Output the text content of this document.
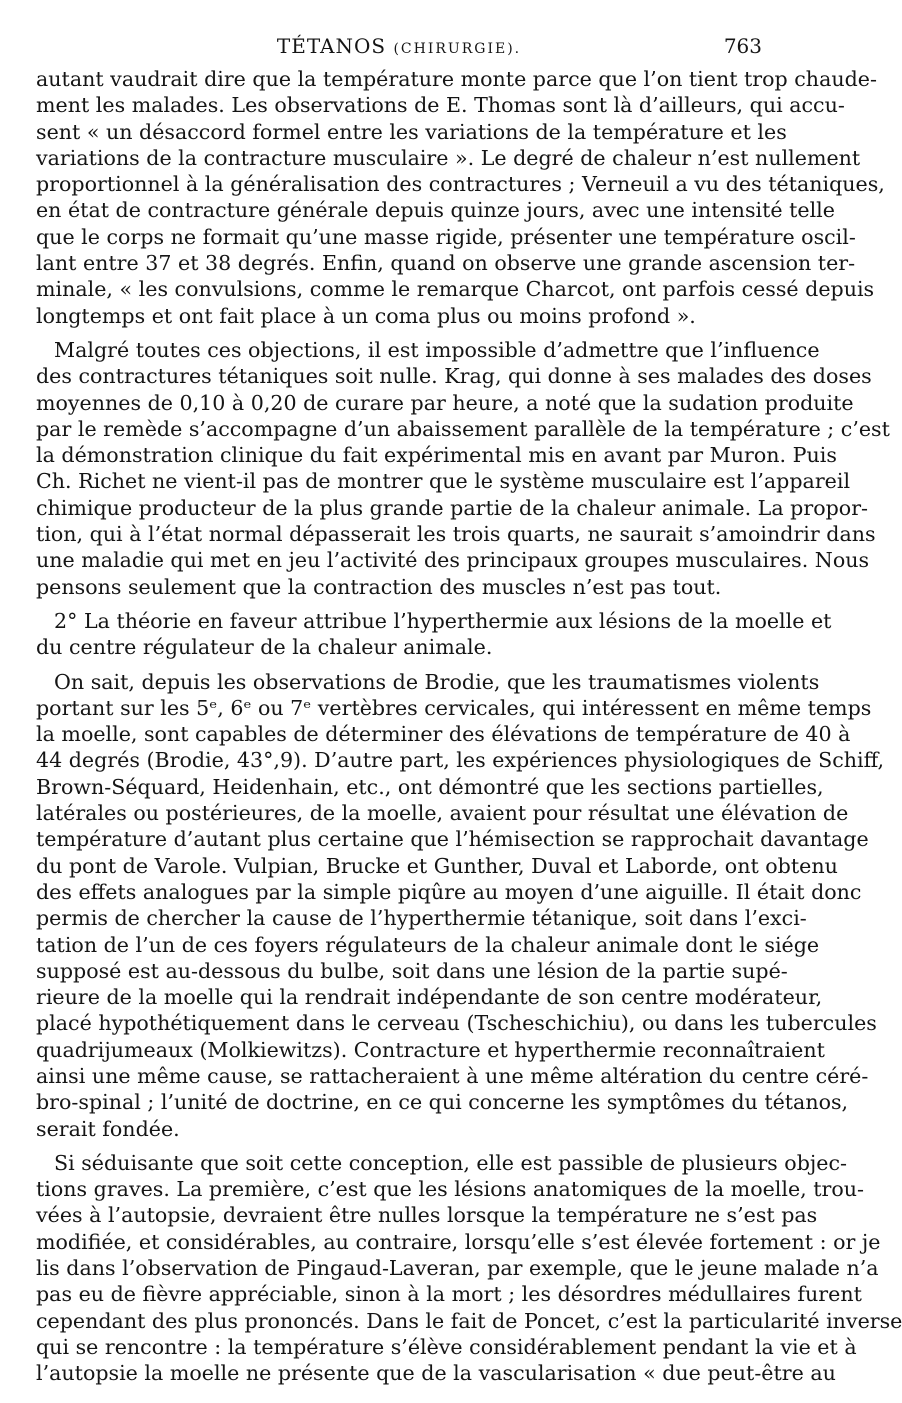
TÉTANOS (CHIRURGIE).	763
autant vaudrait dire que la température monte parce que l’on tient trop chaude-
ment les malades. Les observations de E. Thomas sont là d’ailleurs, qui accu-
sent « un désaccord formel entre les variations de la température et les
variations de la contracture musculaire ». Le degré de chaleur n’est nullement
proportionnel à la généralisation des contractures ; Verneuil a vu des tétaniques,
en état de contracture générale depuis quinze jours, avec une intensité telle
que le corps ne formait qu’une masse rigide, présenter une température oscil-
lant entre 37 et 38 degrés. Enfin, quand on observe une grande ascension ter-
minale, « les convulsions, comme le remarque Charcot, ont parfois cessé depuis
longtemps et ont fait place à un coma plus ou moins profond ».
Malgré toutes ces objections, il est impossible d’admettre que l’influence
des contractures tétaniques soit nulle. Krag, qui donne à ses malades des doses
moyennes de 0,10 à 0,20 de curare par heure, a noté que la sudation produite
par le remède s’accompagne d’un abaissement parallèle de la température ; c’est
la démonstration clinique du fait expérimental mis en avant par Muron. Puis
Ch. Richet ne vient-il pas de montrer que le système musculaire est l’appareil
chimique producteur de la plus grande partie de la chaleur animale. La propor-
tion, qui à l’état normal dépasserait les trois quarts, ne saurait s’amoindrir dans
une maladie qui met en jeu l’activité des principaux groupes musculaires. Nous
pensons seulement que la contraction des muscles n’est pas tout.
2° La théorie en faveur attribue l’hyperthermie aux lésions de la moelle et
du centre régulateur de la chaleur animale.
On sait, depuis les observations de Brodie, que les traumatismes violents
portant sur les 5ᵉ, 6ᵉ ou 7ᵉ vertèbres cervicales, qui intéressent en même temps
la moelle, sont capables de déterminer des élévations de température de 40 à
44 degrés (Brodie, 43°,9). D’autre part, les expériences physiologiques de Schiff,
Brown-Séquard, Heidenhain, etc., ont démontré que les sections partielles,
latérales ou postérieures, de la moelle, avaient pour résultat une élévation de
température d’autant plus certaine que l’hémisection se rapprochait davantage
du pont de Varole. Vulpian, Brucke et Gunther, Duval et Laborde, ont obtenu
des effets analogues par la simple piqûre au moyen d’une aiguille. Il était donc
permis de chercher la cause de l’hyperthermie tétanique, soit dans l’exci-
tation de l’un de ces foyers régulateurs de la chaleur animale dont le siége
supposé est au-dessous du bulbe, soit dans une lésion de la partie supé-
rieure de la moelle qui la rendrait indépendante de son centre modérateur,
placé hypothétiquement dans le cerveau (Tscheschichiu), ou dans les tubercules
quadrijumeaux (Molkiewitzs). Contracture et hyperthermie reconnaîtraient
ainsi une même cause, se rattacheraient à une même altération du centre céré-
bro-spinal ; l’unité de doctrine, en ce qui concerne les symptômes du tétanos,
serait fondée.
Si séduisante que soit cette conception, elle est passible de plusieurs objec-
tions graves. La première, c’est que les lésions anatomiques de la moelle, trou-
vées à l’autopsie, devraient être nulles lorsque la température ne s’est pas
modifiée, et considérables, au contraire, lorsqu’elle s’est élevée fortement : or je
lis dans l’observation de Pingaud-Laveran, par exemple, que le jeune malade n’a
pas eu de fièvre appréciable, sinon à la mort ; les désordres médullaires furent
cependant des plus prononcés. Dans le fait de Poncet, c’est la particularité inverse
qui se rencontre : la température s’élève considérablement pendant la vie et à
l’autopsie la moelle ne présente que de la vascularisation « due peut-être au
